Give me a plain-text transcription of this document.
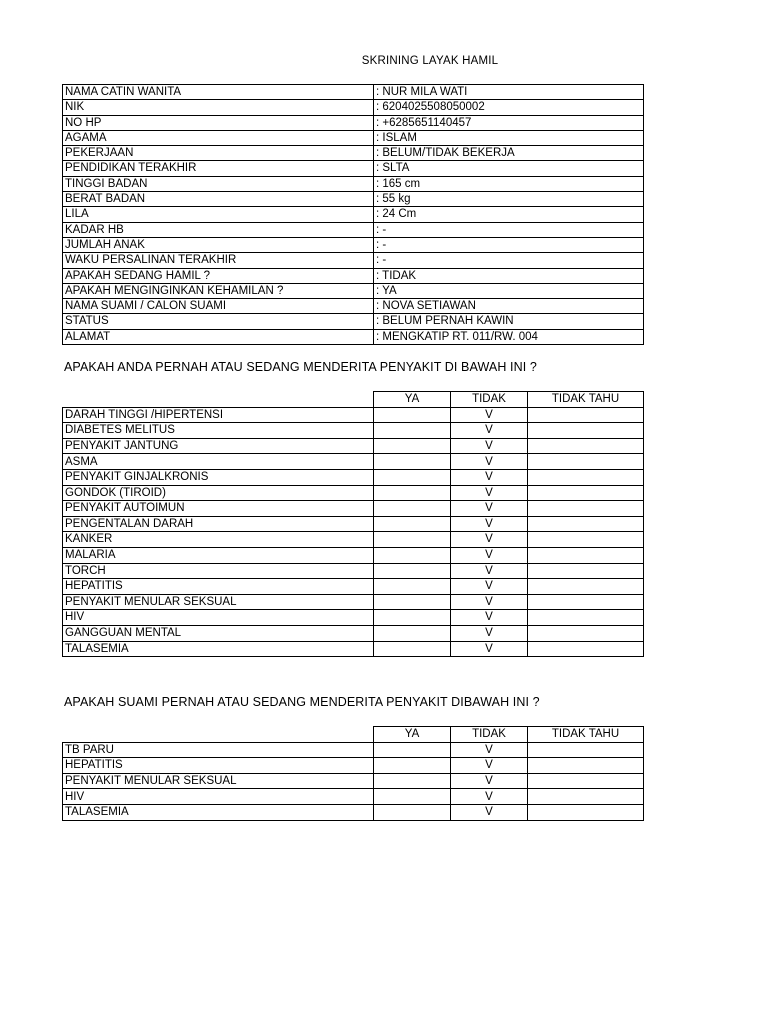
SKRINING LAYAK HAMIL
NAMA CATIN WANITA	: NUR MILA WATI
NIK	: 6204025508050002
NO HP	: +6285651140457
AGAMA	: ISLAM
PEKERJAAN	: BELUM/TIDAK BEKERJA
PENDIDIKAN TERAKHIR	: SLTA
TINGGI BADAN	: 165 cm
BERAT BADAN	: 55 kg
LILA	: 24 Cm
KADAR HB	: -
JUMLAH ANAK	: -
WAKU PERSALINAN TERAKHIR	: -
APAKAH SEDANG HAMIL ?	: TIDAK
APAKAH MENGINGINKAN KEHAMILAN ?	: YA
NAMA SUAMI / CALON SUAMI	: NOVA SETIAWAN
STATUS	: BELUM PERNAH KAWIN
ALAMAT	: MENGKATIP RT. 011/RW. 004
APAKAH ANDA PERNAH ATAU SEDANG MENDERITA PENYAKIT DI BAWAH INI ?
	YA	TIDAK	TIDAK TAHU
DARAH TINGGI /HIPERTENSI		V	
DIABETES MELITUS		V	
PENYAKIT JANTUNG		V	
ASMA		V	
PENYAKIT GINJALKRONIS		V	
GONDOK (TIROID)		V	
PENYAKIT AUTOIMUN		V	
PENGENTALAN DARAH		V	
KANKER		V	
MALARIA		V	
TORCH		V	
HEPATITIS		V	
PENYAKIT MENULAR SEKSUAL		V	
HIV		V	
GANGGUAN MENTAL		V	
TALASEMIA		V	
APAKAH SUAMI PERNAH ATAU SEDANG MENDERITA PENYAKIT DIBAWAH INI ?
	YA	TIDAK	TIDAK TAHU
TB PARU		V	
HEPATITIS		V	
PENYAKIT MENULAR SEKSUAL		V	
HIV		V	
TALASEMIA		V	
